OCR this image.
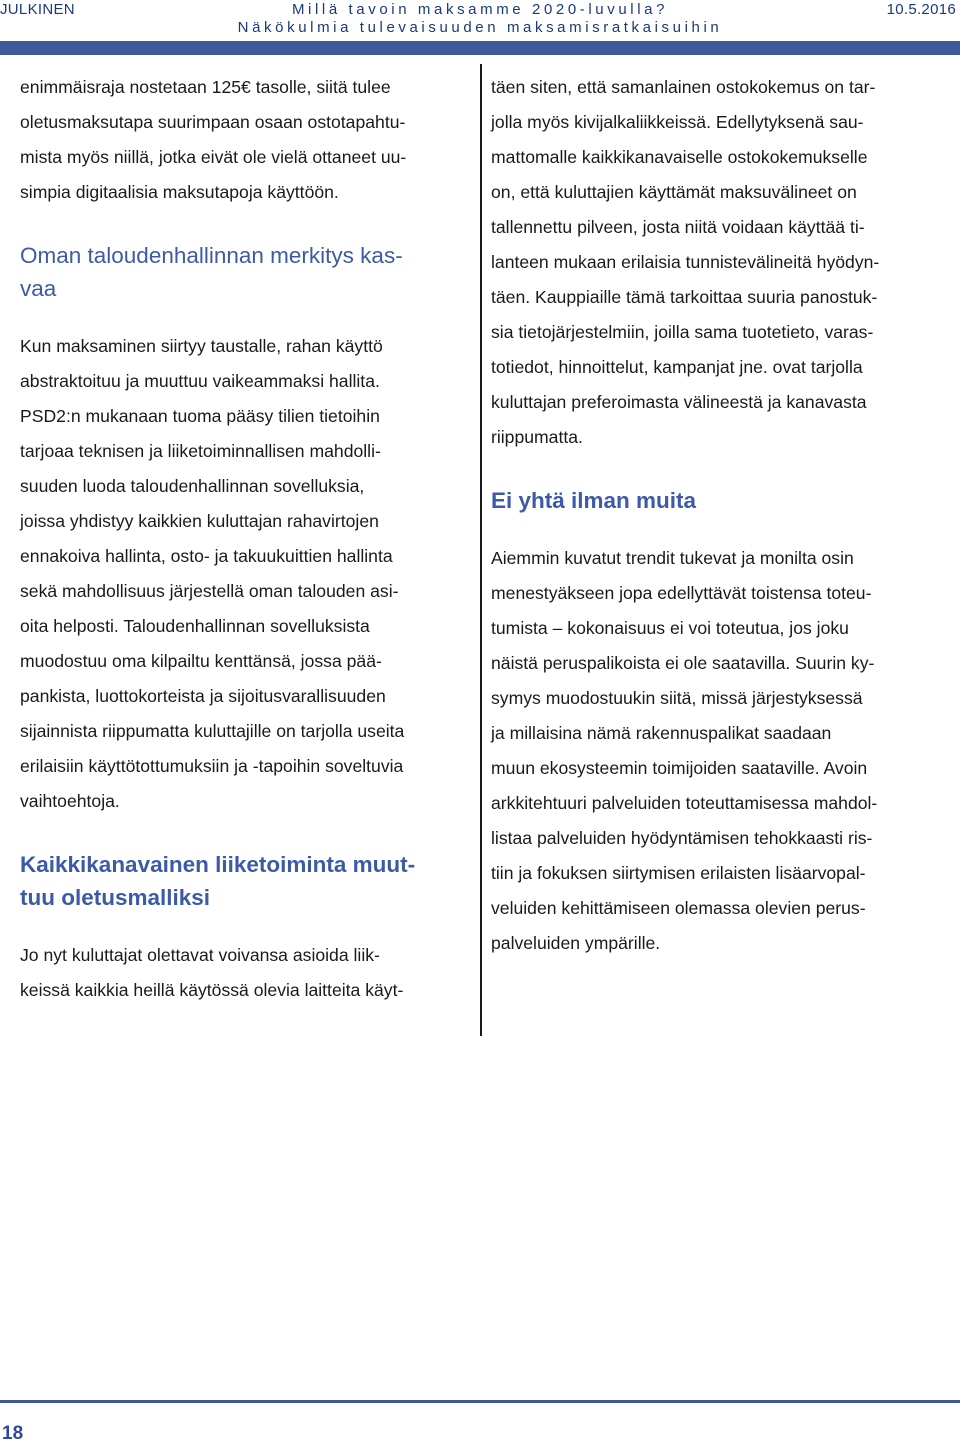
JULKINEN	Millä tavoin maksamme 2020-luvulla?
Näkökulmia tulevaisuuden maksamisratkaisuihin
10.5.2016

enimmäisraja nostetaan 125€ tasolle, siitä tulee
oletusmaksutapa suurimpaan osaan ostotapahtu-
mista myös niillä, jotka eivät ole vielä ottaneet uu-
simpia digitaalisia maksutapoja käyttöön.

Oman taloudenhallinnan merkitys kas-
vaa

Kun maksaminen siirtyy taustalle, rahan käyttö
abstraktoituu ja muuttuu vaikeammaksi hallita.
PSD2:n mukanaan tuoma pääsy tilien tietoihin
tarjoaa teknisen ja liiketoiminnallisen mahdolli-
suuden luoda taloudenhallinnan sovelluksia,
joissa yhdistyy kaikkien kuluttajan rahavirtojen
ennakoiva hallinta, osto- ja takuukuittien hallinta
sekä mahdollisuus järjestellä oman talouden asi-
oita helposti. Taloudenhallinnan sovelluksista
muodostuu oma kilpailtu kenttänsä, jossa pää-
pankista, luottokorteista ja sijoitusvarallisuuden
sijainnista riippumatta kuluttajille on tarjolla useita
erilaisiin käyttötottumuksiin ja -tapoihin soveltuvia
vaihtoehtoja.

Kaikkikanavainen liiketoiminta muut-
tuu oletusmalliksi

Jo nyt kuluttajat olettavat voivansa asioida liik-
keissä kaikkia heillä käytössä olevia laitteita käyt-

täen siten, että samanlainen ostokokemus on tar-
jolla myös kivijalkaliikkeissä. Edellytyksenä sau-
mattomalle kaikkikanavaiselle ostokokemukselle
on, että kuluttajien käyttämät maksuvälineet on
tallennettu pilveen, josta niitä voidaan käyttää ti-
lanteen mukaan erilaisia tunnistevälineitä hyödyn-
täen. Kauppiaille tämä tarkoittaa suuria panostuk-
sia tietojärjestelmiin, joilla sama tuotetieto, varas-
totiedot, hinnoittelut, kampanjat jne. ovat tarjolla
kuluttajan preferoimasta välineestä ja kanavasta
riippumatta.

Ei yhtä ilman muita

Aiemmin kuvatut trendit tukevat ja monilta osin
menestyäkseen jopa edellyttävät toistensa toteu-
tumista – kokonaisuus ei voi toteutua, jos joku
näistä peruspalikoista ei ole saatavilla. Suurin ky-
symys muodostuukin siitä, missä järjestyksessä
ja millaisina nämä rakennuspalikat saadaan
muun ekosysteemin toimijoiden saataville. Avoin
arkkitehtuuri palveluiden toteuttamisessa mahdol-
listaa palveluiden hyödyntämisen tehokkaasti ris-
tiin ja fokuksen siirtymisen erilaisten lisäarvopal-
veluiden kehittämiseen olemassa olevien perus-
palveluiden ympärille.

18
